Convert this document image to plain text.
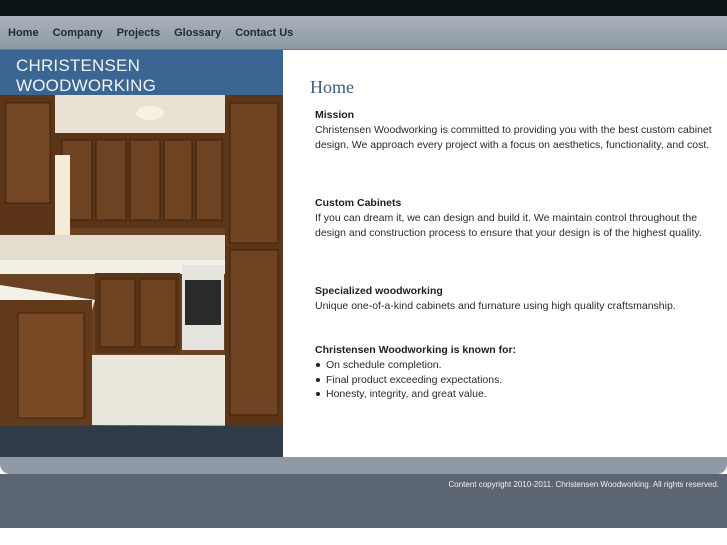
Home Company Projects Glossary Contact Us
CHRISTENSEN WOODWORKING	Home
Mission

Christensen Woodworking is committed to providing you with the best custom cabinet design. We approach every project with a focus on aesthetics, functionality, and cost.

Custom Cabinets

If you can dream it, we can design and build it. We maintain control throughout the design and construction process to ensure that your design is of the highest quality.

Specialized woodworking

Unique one-of-a-kind cabinets and furnature using high quality craftsmanship.

Christensen Woodworking is known for:
On schedule completion.
Final product exceeding expectations.
Honesty, integrity, and great value.

Content copyright 2010-2011. Christensen Woodworking. All rights reserved.
